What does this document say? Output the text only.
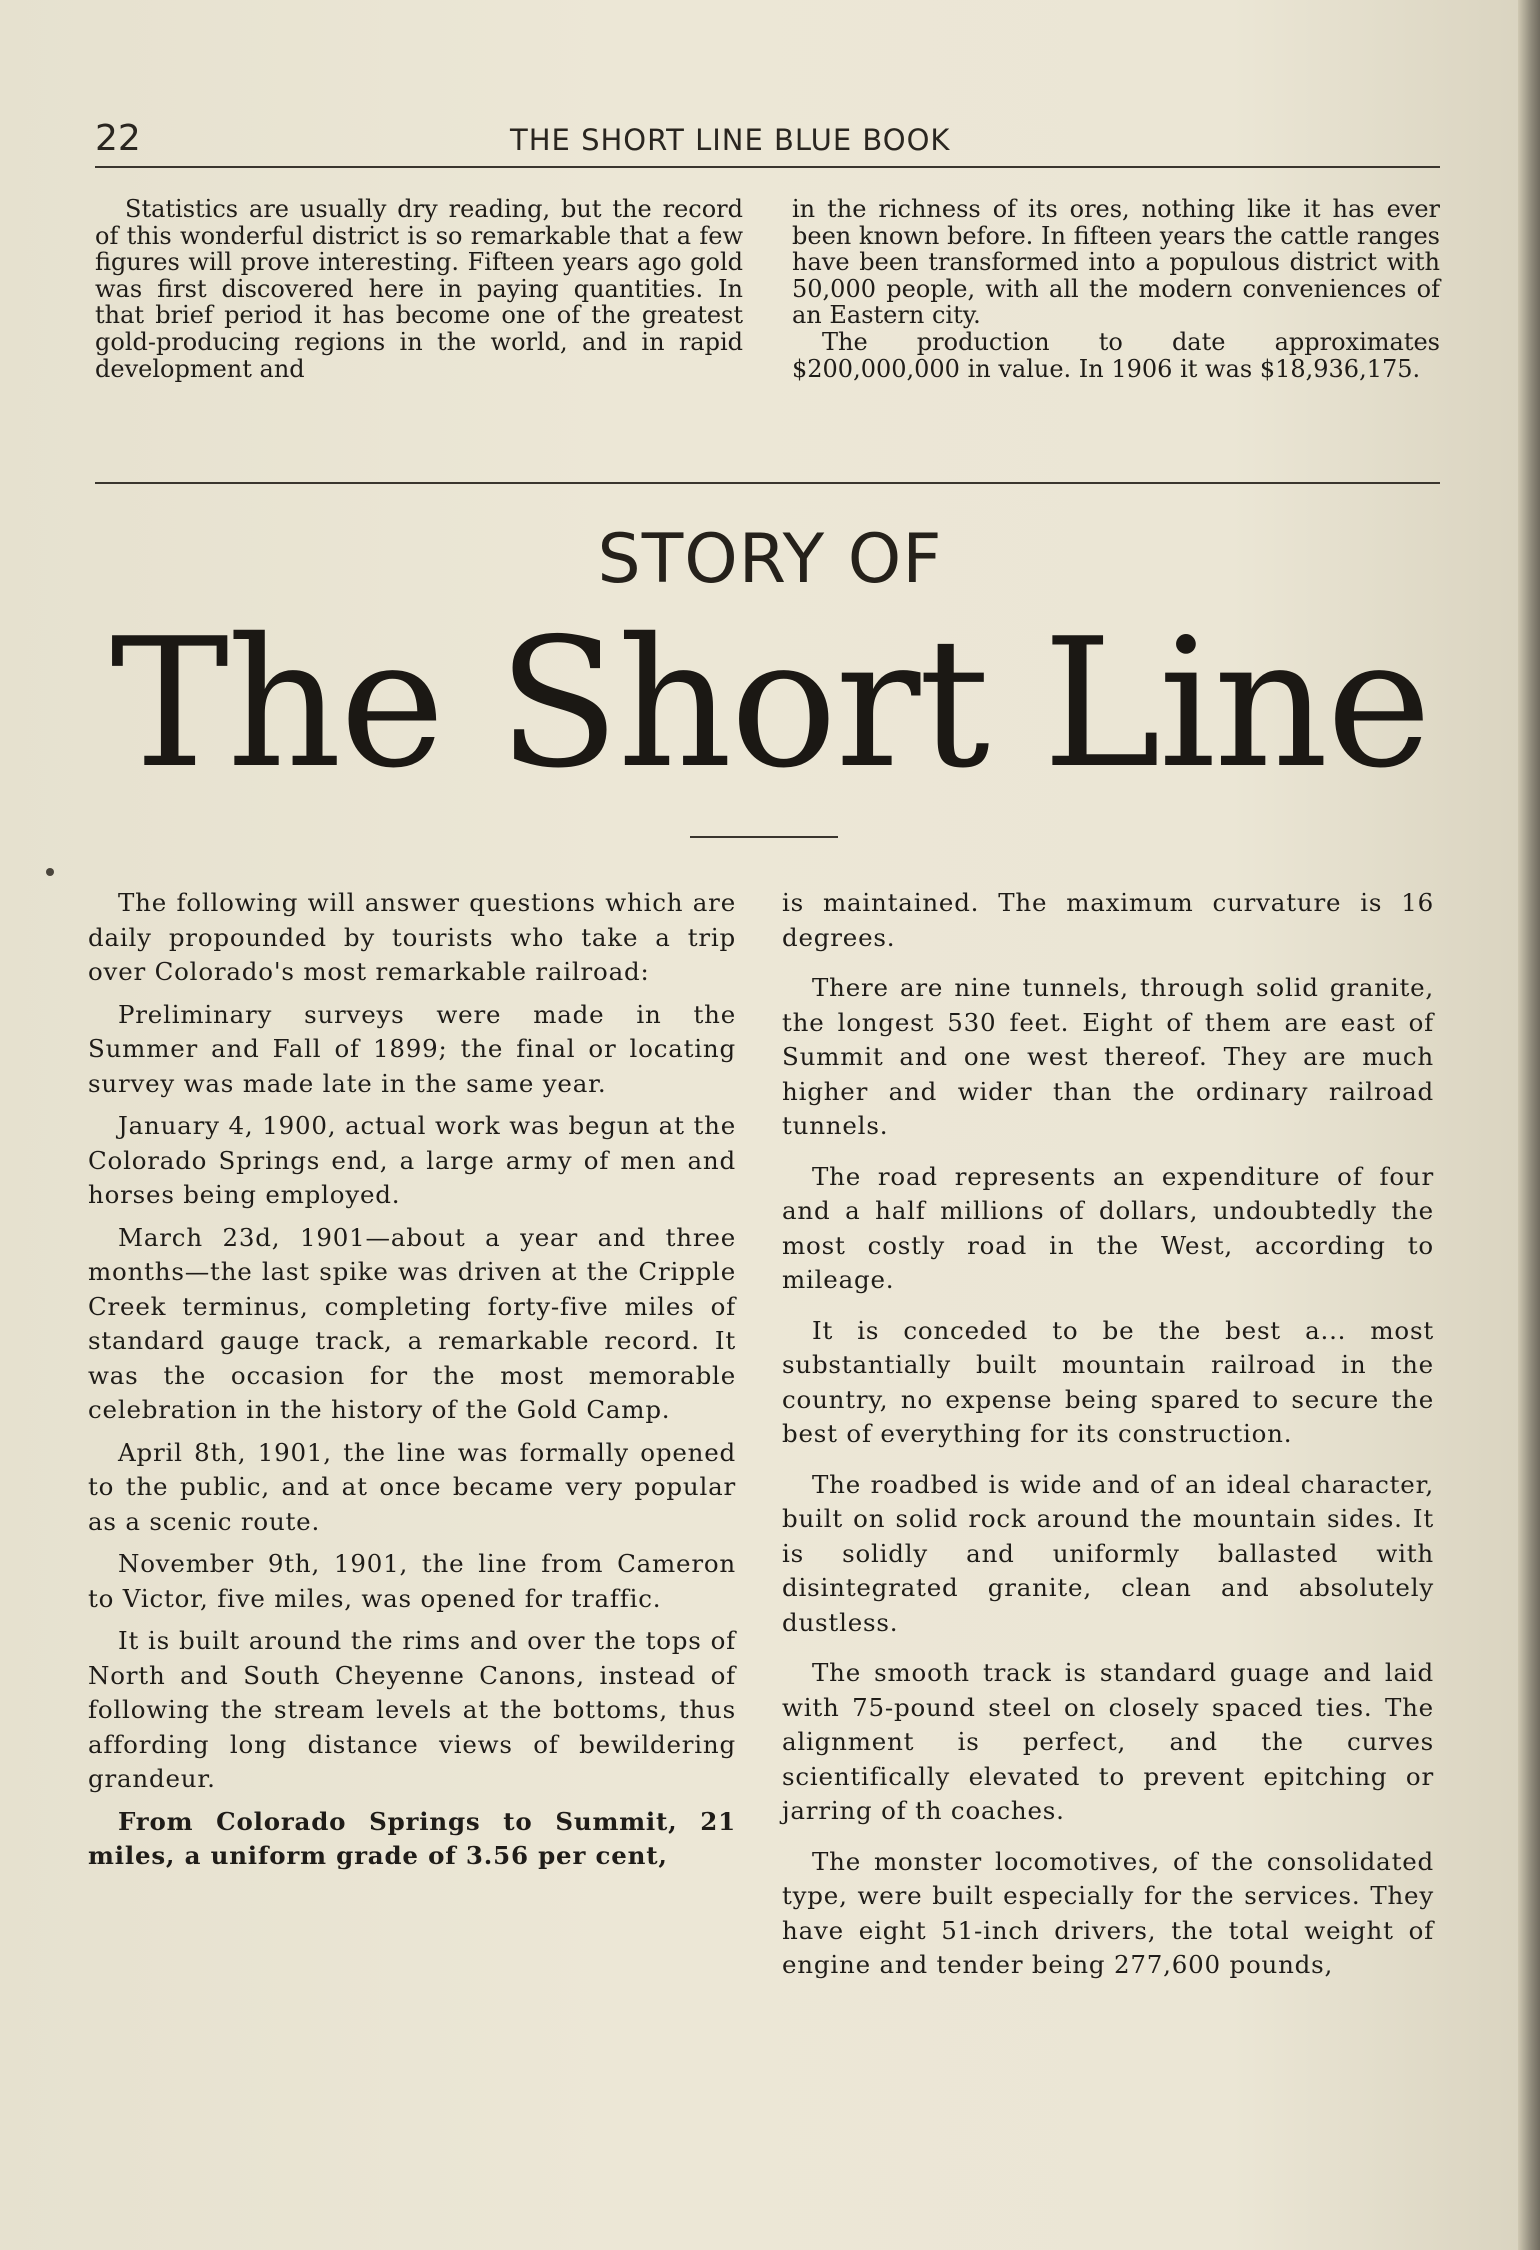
22	THE SHORT LINE BLUE BOOK

Statistics are usually dry reading, but the record of this wonderful district is so remarkable that a few figures will prove interesting. Fifteen years ago gold was first discovered here in paying quantities. In that brief period it has become one of the greatest gold-producing regions in the world, and in rapid development and

in the richness of its ores, nothing like it has ever been known before. In fifteen years the cattle ranges have been transformed into a populous district with 50,000 people, with all the modern conveniences of an Eastern city.

The production to date approximates $200,000,000 in value. In 1906 it was $18,936,175.

STORY OF
The Short Line

The following will answer questions which are daily propounded by tourists who take a trip over Colorado's most remarkable railroad:

Preliminary surveys were made in the Summer and Fall of 1899; the final or locating survey was made late in the same year.

January 4, 1900, actual work was begun at the Colorado Springs end, a large army of men and horses being employed.

March 23d, 1901—about a year and three months—the last spike was driven at the Cripple Creek terminus, completing forty-five miles of standard gauge track, a remarkable record. It was the occasion for the most memorable celebration in the history of the Gold Camp.

April 8th, 1901, the line was formally opened to the public, and at once became very popular as a scenic route.

November 9th, 1901, the line from Cameron to Victor, five miles, was opened for traffic.

It is built around the rims and over the tops of North and South Cheyenne Canons, instead of following the stream levels at the bottoms, thus affording long distance views of bewildering grandeur.

From Colorado Springs to Summit, 21 miles, a uniform grade of 3.56 per cent,

is maintained. The maximum curvature is 16 degrees.

There are nine tunnels, through solid granite, the longest 530 feet. Eight of them are east of Summit and one west thereof. They are much higher and wider than the ordinary railroad tunnels.

The road represents an expenditure of four and a half millions of dollars, undoubtedly the most costly road in the West, according to mileage.

It is conceded to be the best a... most substantially built mountain railroad in the country, no expense being spared to secure the best of everything for its construction.

The roadbed is wide and of an ideal character, built on solid rock around the mountain sides. It is solidly and uniformly ballasted with disintegrated granite, clean and absolutely dustless.

The smooth track is standard guage and laid with 75-pound steel on closely spaced ties. The alignment is perfect, and the curves scientifically elevated to prevent epitching or jarring of th coaches.

The monster locomotives, of the consolidated type, were built especially for the services. They have eight 51-inch drivers, the total weight of engine and tender being 277,600 pounds,
